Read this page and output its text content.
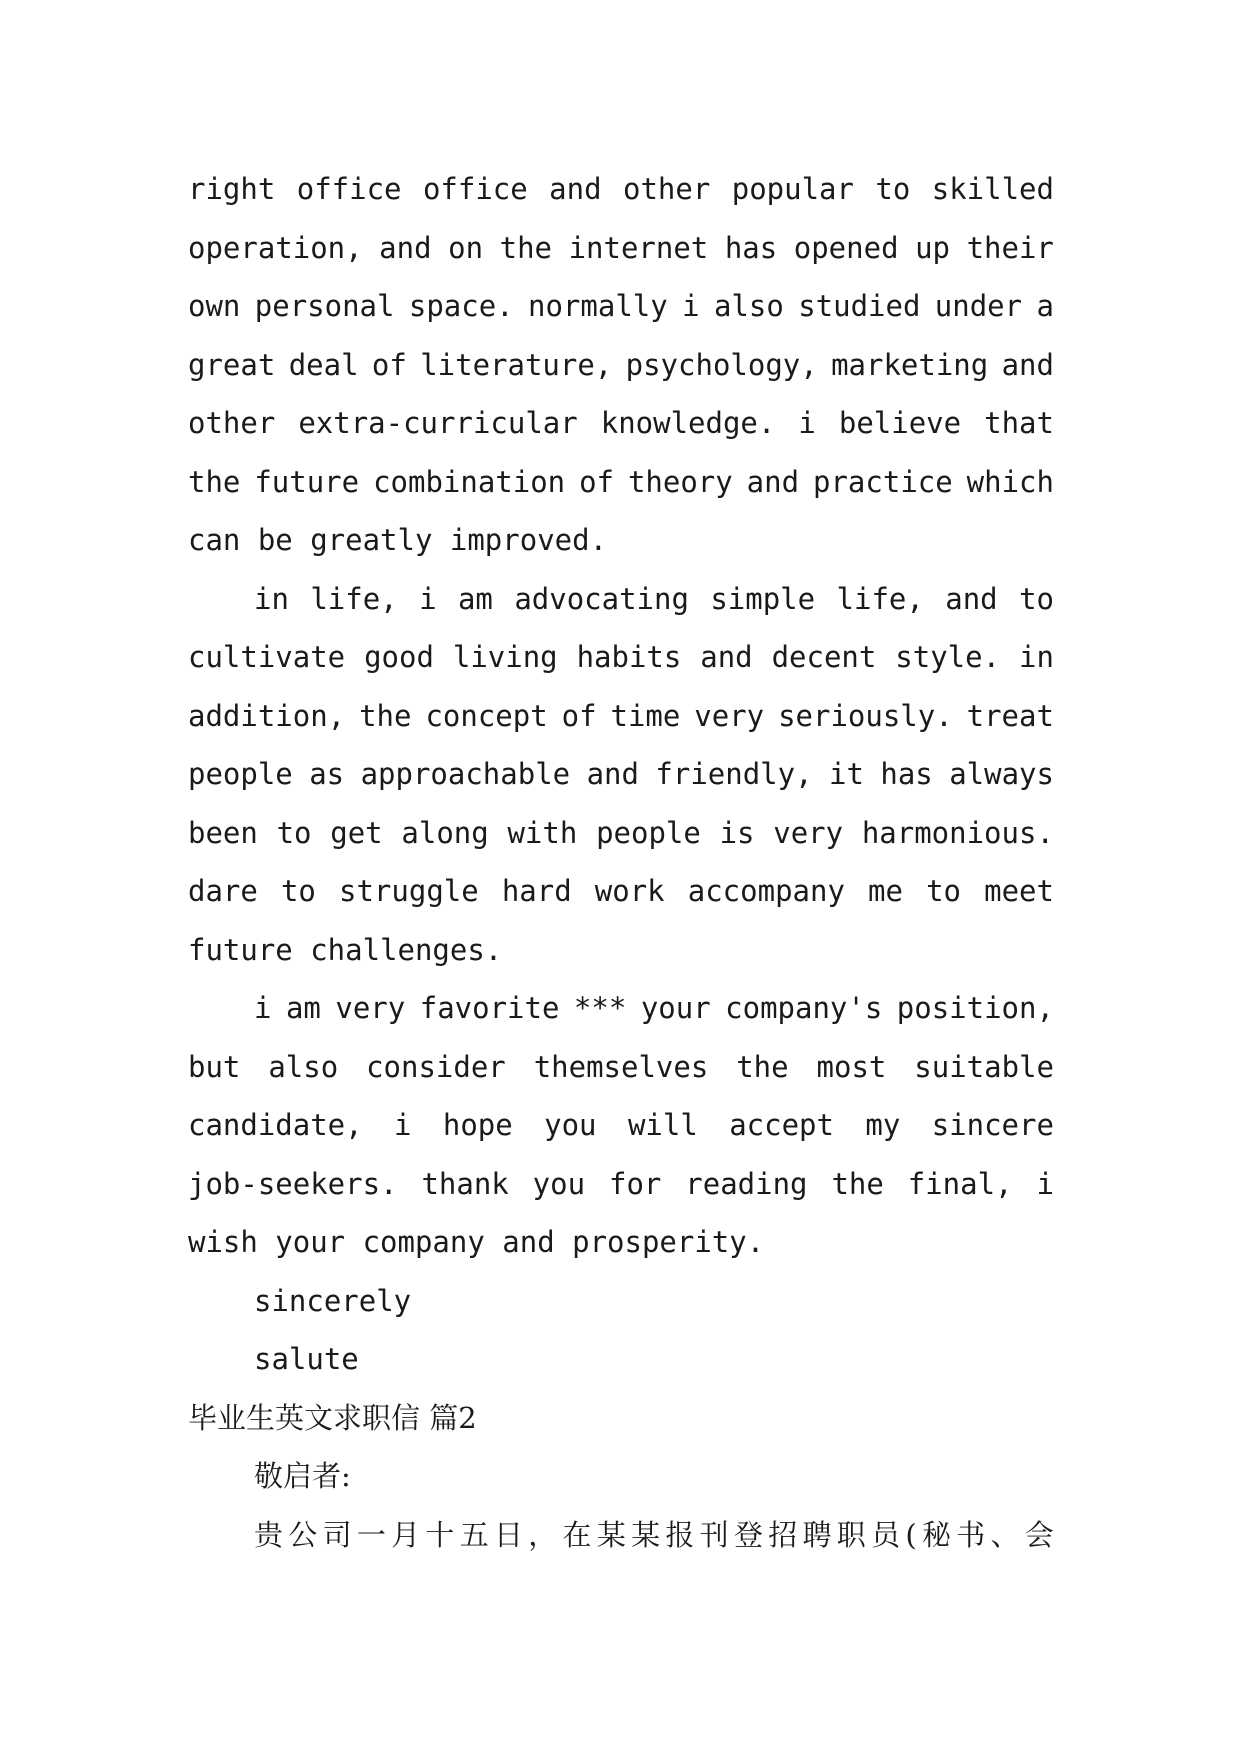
right office office and other popular to skilled
operation, and on the internet has opened up their
own personal space. normally i also studied under a
great deal of literature, psychology, marketing and
other extra-curricular knowledge. i believe that
the future combination of theory and practice which
can be greatly improved.
in life, i am advocating simple life, and to
cultivate good living habits and decent style. in
addition, the concept of time very seriously. treat
people as approachable and friendly, it has always
been to get along with people is very harmonious.
dare to struggle hard work accompany me to meet
future challenges.
i am very favorite *** your company's position,
but also consider themselves the most suitable
candidate, i hope you will accept my sincere
job-seekers. thank you for reading the final, i
wish your company and prosperity.
sincerely
salute
毕业生英文求职信 篇2
敬启者:
贵 公 司 一 月 十 五 日 ， 在 某 某 报 刊 登 招 聘 职 员 ( 秘 书 、 会
